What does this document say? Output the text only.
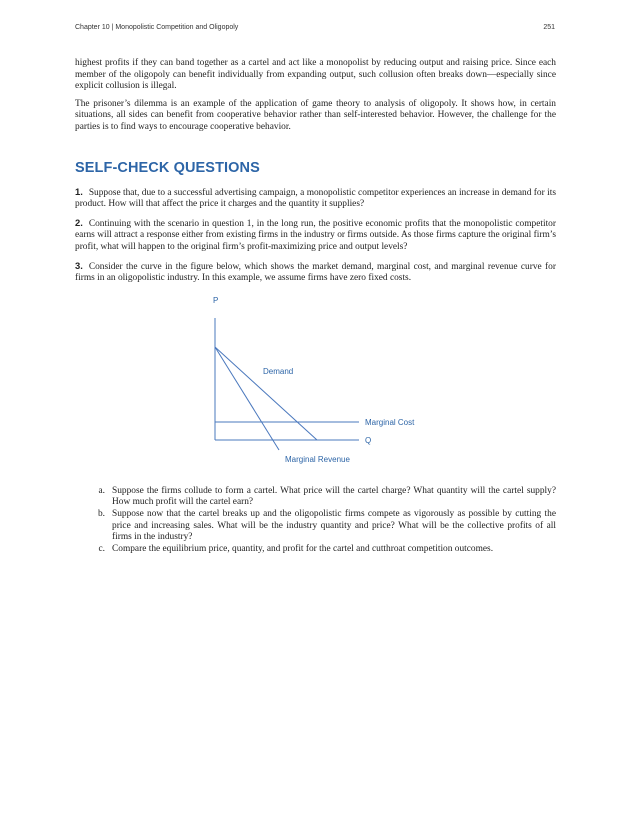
Chapter 10 | Monopolistic Competition and Oligopoly	251

highest profits if they can band together as a cartel and act like a monopolist by reducing output and raising price. Since each member of the oligopoly can benefit individually from expanding output, such collusion often breaks down—especially since explicit collusion is illegal.

The prisoner’s dilemma is an example of the application of game theory to analysis of oligopoly. It shows how, in certain situations, all sides can benefit from cooperative behavior rather than self-interested behavior. However, the challenge for the parties is to find ways to encourage cooperative behavior.

SELF-CHECK QUESTIONS
1. Suppose that, due to a successful advertising campaign, a monopolistic competitor experiences an increase in demand for its product. How will that affect the price it charges and the quantity it supplies?
2. Continuing with the scenario in question 1, in the long run, the positive economic profits that the monopolistic competitor earns will attract a response either from existing firms in the industry or firms outside. As those firms capture the original firm’s profit, what will happen to the original firm’s profit-maximizing price and output levels?
3. Consider the curve in the figure below, which shows the market demand, marginal cost, and marginal revenue curve for firms in an oligopolistic industry. In this example, we assume firms have zero fixed costs.
P
Q
Marginal Cost
Demand
Marginal Revenue
a. Suppose the firms collude to form a cartel. What price will the cartel charge? What quantity will the cartel supply? How much profit will the cartel earn?
b. Suppose now that the cartel breaks up and the oligopolistic firms compete as vigorously as possible by cutting the price and increasing sales. What will be the industry quantity and price? What will be the collective profits of all firms in the industry?
c. Compare the equilibrium price, quantity, and profit for the cartel and cutthroat competition outcomes.
